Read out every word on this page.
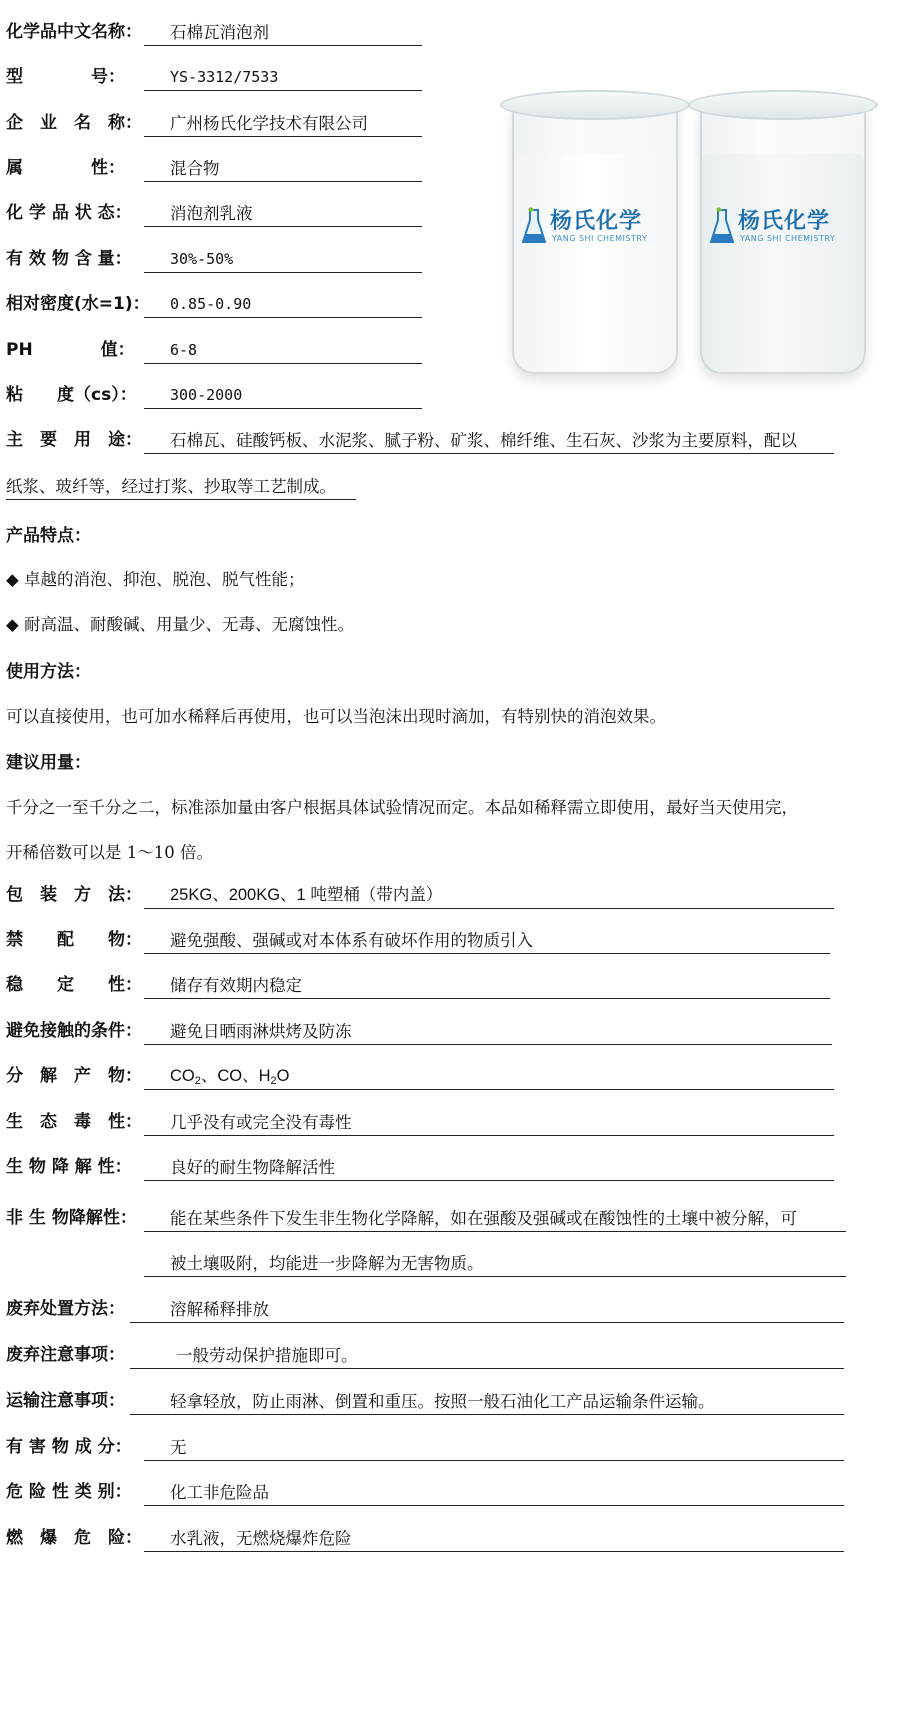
化学品中文名称：	石棉瓦消泡剂
型　　　　号：	YS-3312/7533
企　业　名　称：	广州杨氏化学技术有限公司
属　　　　性：	混合物
化 学 品 状 态：	消泡剂乳液
有 效 物 含 量：	30%-50%
相对密度(水=1)：	0.85-0.90
PH　　　　值：	6-8
粘　　度（cs）：	300-2000
杨氏化学
YANG SHI CHEMISTRY
杨氏化学
YANG SHI CHEMISTRY
主　要　用　途：	石棉瓦、硅酸钙板、水泥浆、腻子粉、矿浆、棉纤维、生石灰、沙浆为主要原料，配以
纸浆、玻纤等，经过打浆、抄取等工艺制成。
产品特点：
◆ 卓越的消泡、抑泡、脱泡、脱气性能；
◆ 耐高温、耐酸碱、用量少、无毒、无腐蚀性。
使用方法：
可以直接使用，也可加水稀释后再使用，也可以当泡沫出现时滴加，有特别快的消泡效果。
建议用量：
千分之一至千分之二，标准添加量由客户根据具体试验情况而定。本品如稀释需立即使用，最好当天使用完，
开稀倍数可以是 1～10 倍。
包　装　方　法：	25KG、200KG、1 吨塑桶（带内盖）
禁　　配　　物：	避免强酸、强碱或对本体系有破坏作用的物质引入
稳　　定　　性：	储存有效期内稳定
避免接触的条件：	避免日晒雨淋烘烤及防冻
分　解　产　物：	$CO_2$、CO、$H_2O$
生　态　毒　性：	几乎没有或完全没有毒性
生 物 降 解 性：	良好的耐生物降解活性
非 生 物降解性：	能在某些条件下发生非生物化学降解，如在强酸及强碱或在酸蚀性的土壤中被分解，可
被土壤吸附，均能进一步降解为无害物质。
废弃处置方法：	溶解稀释排放
废弃注意事项：	一般劳动保护措施即可。
运输注意事项：	轻拿轻放，防止雨淋、倒置和重压。按照一般石油化工产品运输条件运输。
有 害 物 成 分：	无
危 险 性 类 别：	化工非危险品
燃　爆　危　险：	水乳液，无燃烧爆炸危险
